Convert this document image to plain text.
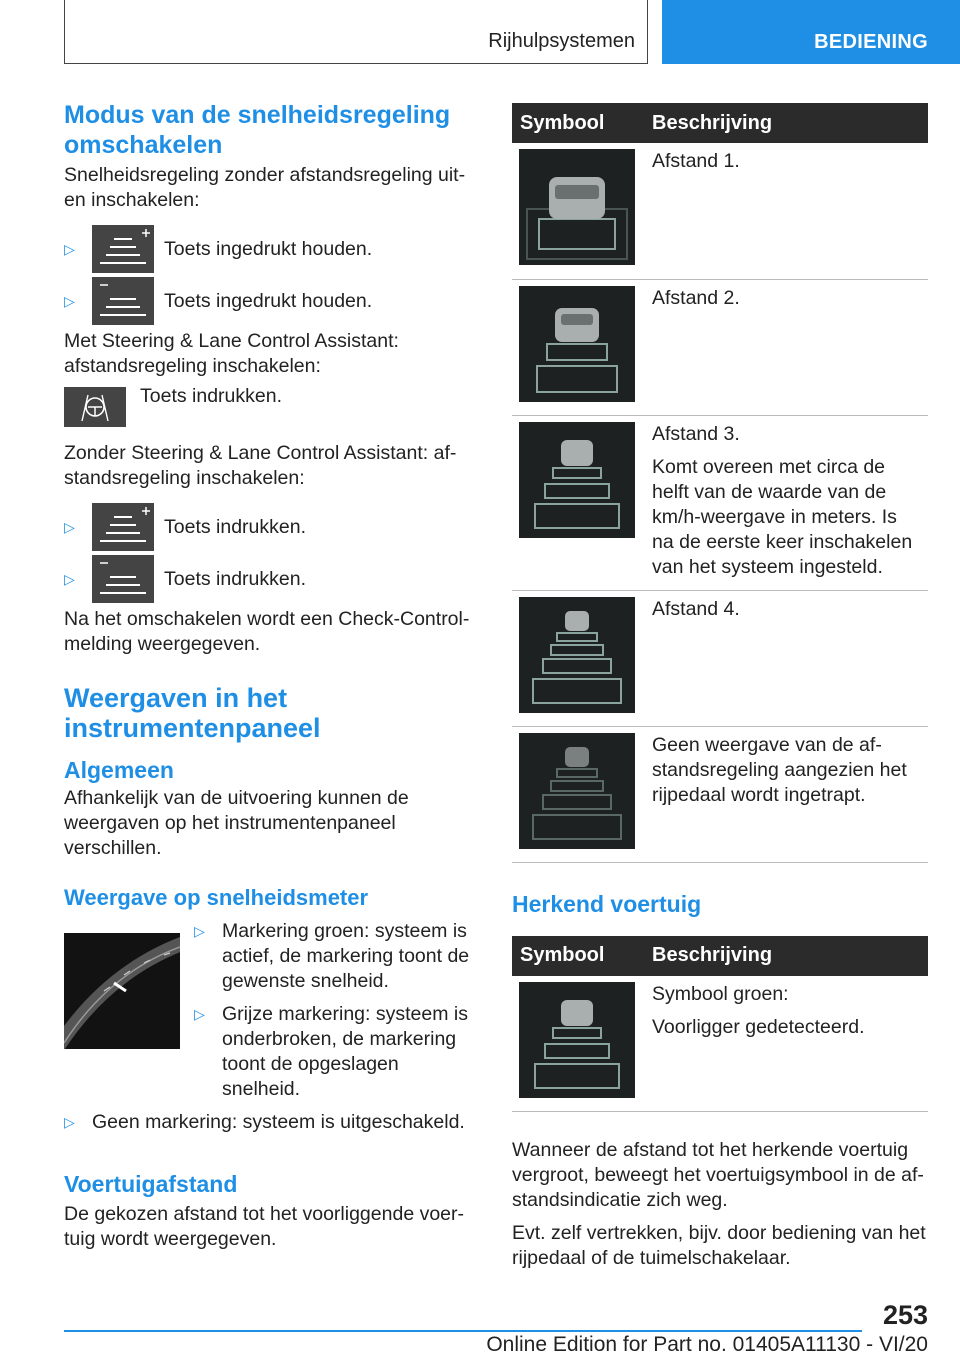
Rijhulpsystemen	BEDIENING
Modus van de snelheidsregeling omschakelen

Snelheidsregeling zonder afstandsregeling uit- en inschakelen:

▷	Toets ingedrukt houden.
▷	Toets ingedrukt houden.

Met Steering & Lane Control Assistant: afstandsregeling inschakelen:

Toets indrukken.

Zonder Steering & Lane Control Assistant: afstandsregeling inschakelen:

▷	Toets indrukken.
▷	Toets indrukken.

Na het omschakelen wordt een Check-Control-melding weergegeven.

Weergaven in het instrumentenpaneel
Algemeen

Afhankelijk van de uitvoering kunnen de weergaven op het instrumentenpaneel verschillen.

Weergave op snelheidsmeter
▷ Markering groen: systeem is actief, de markering toont de gewenste snelheid.

▷ Grijze markering: systeem is onderbroken, de markering toont de opgeslagen snelheid.

▷ Geen markering: systeem is uitgeschakeld.

Voertuigafstand

De gekozen afstand tot het voorliggende voertuig wordt weergegeven.

Symbool	Beschrijving

Afstand 1.

Afstand 2.

Afstand 3.
Komt overeen met circa de helft van de waarde van de km/h-weergave in meters. Is na de eerste keer inschakelen van het systeem ingesteld.

Afstand 4.

Geen weergave van de afstandsregeling aangezien het rijpedaal wordt ingetrapt.
Herkend voertuig
Symbool	Beschrijving

Symbool groen:
Voorligger gedetecteerd.

Wanneer de afstand tot het herkende voertuig vergroot, beweegt het voertuigsymbool in de afstandsindicatie zich weg.

Evt. zelf vertrekken, bijv. door bediening van het rijpedaal of de tuimelschakelaar.

253
Online Edition for Part no. 01405A11130 - VI/20
